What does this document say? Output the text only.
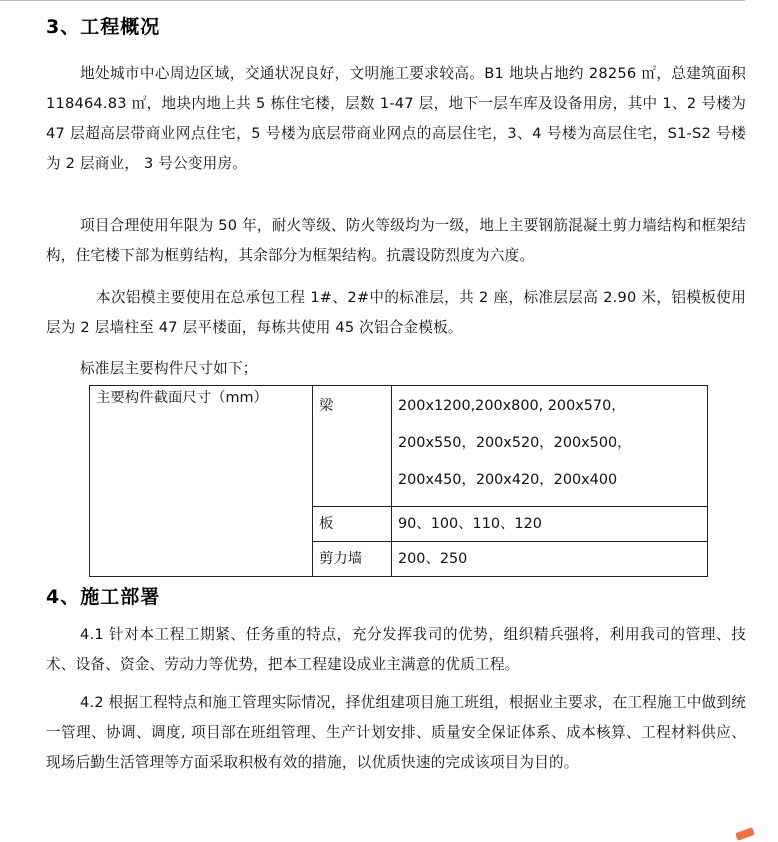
3、工程概况

地处城市中心周边区域，交通状况良好，文明施工要求较高。B1 地块占地约 28256 ㎡，总建筑面积 118464.83 ㎡，地块内地上共 5 栋住宅楼，层数 1-47 层，地下一层车库及设备用房，其中 1、2 号楼为 47 层超高层带商业网点住宅，5 号楼为底层带商业网点的高层住宅，3、4 号楼为高层住宅，S1-S2 号楼为 2 层商业， 3 号公变用房。

项目合理使用年限为 50 年，耐火等级、防火等级均为一级，地上主要钢筋混凝土剪力墙结构和框架结构，住宅楼下部为框剪结构，其余部分为框架结构。抗震设防烈度为六度。

本次铝模主要使用在总承包工程 1#、2#中的标准层，共 2 座，标准层层高 2.90 米，铝模板使用层为 2 层墙柱至 47 层平楼面，每栋共使用 45 次铝合金模板。

标准层主要构件尺寸如下；

主要构件截面尺寸（mm）	梁	200x1200,200x800, 200x570，200x550，200x520，200x500，200x450，200x420，200x400
	板	90、100、110、120
	剪力墙	200、250
4、施工部署

4.1 针对本工程工期紧、任务重的特点，充分发挥我司的优势，组织精兵强将，利用我司的管理、技术、设备、资金、劳动力等优势，把本工程建设成业主满意的优质工程。

4.2 根据工程特点和施工管理实际情况，择优组建项目施工班组，根据业主要求，在工程施工中做到统一管理、协调、调度, 项目部在班组管理、生产计划安排、质量安全保证体系、成本核算、工程材料供应、现场后勤生活管理等方面采取积极有效的措施，以优质快速的完成该项目为目的。
